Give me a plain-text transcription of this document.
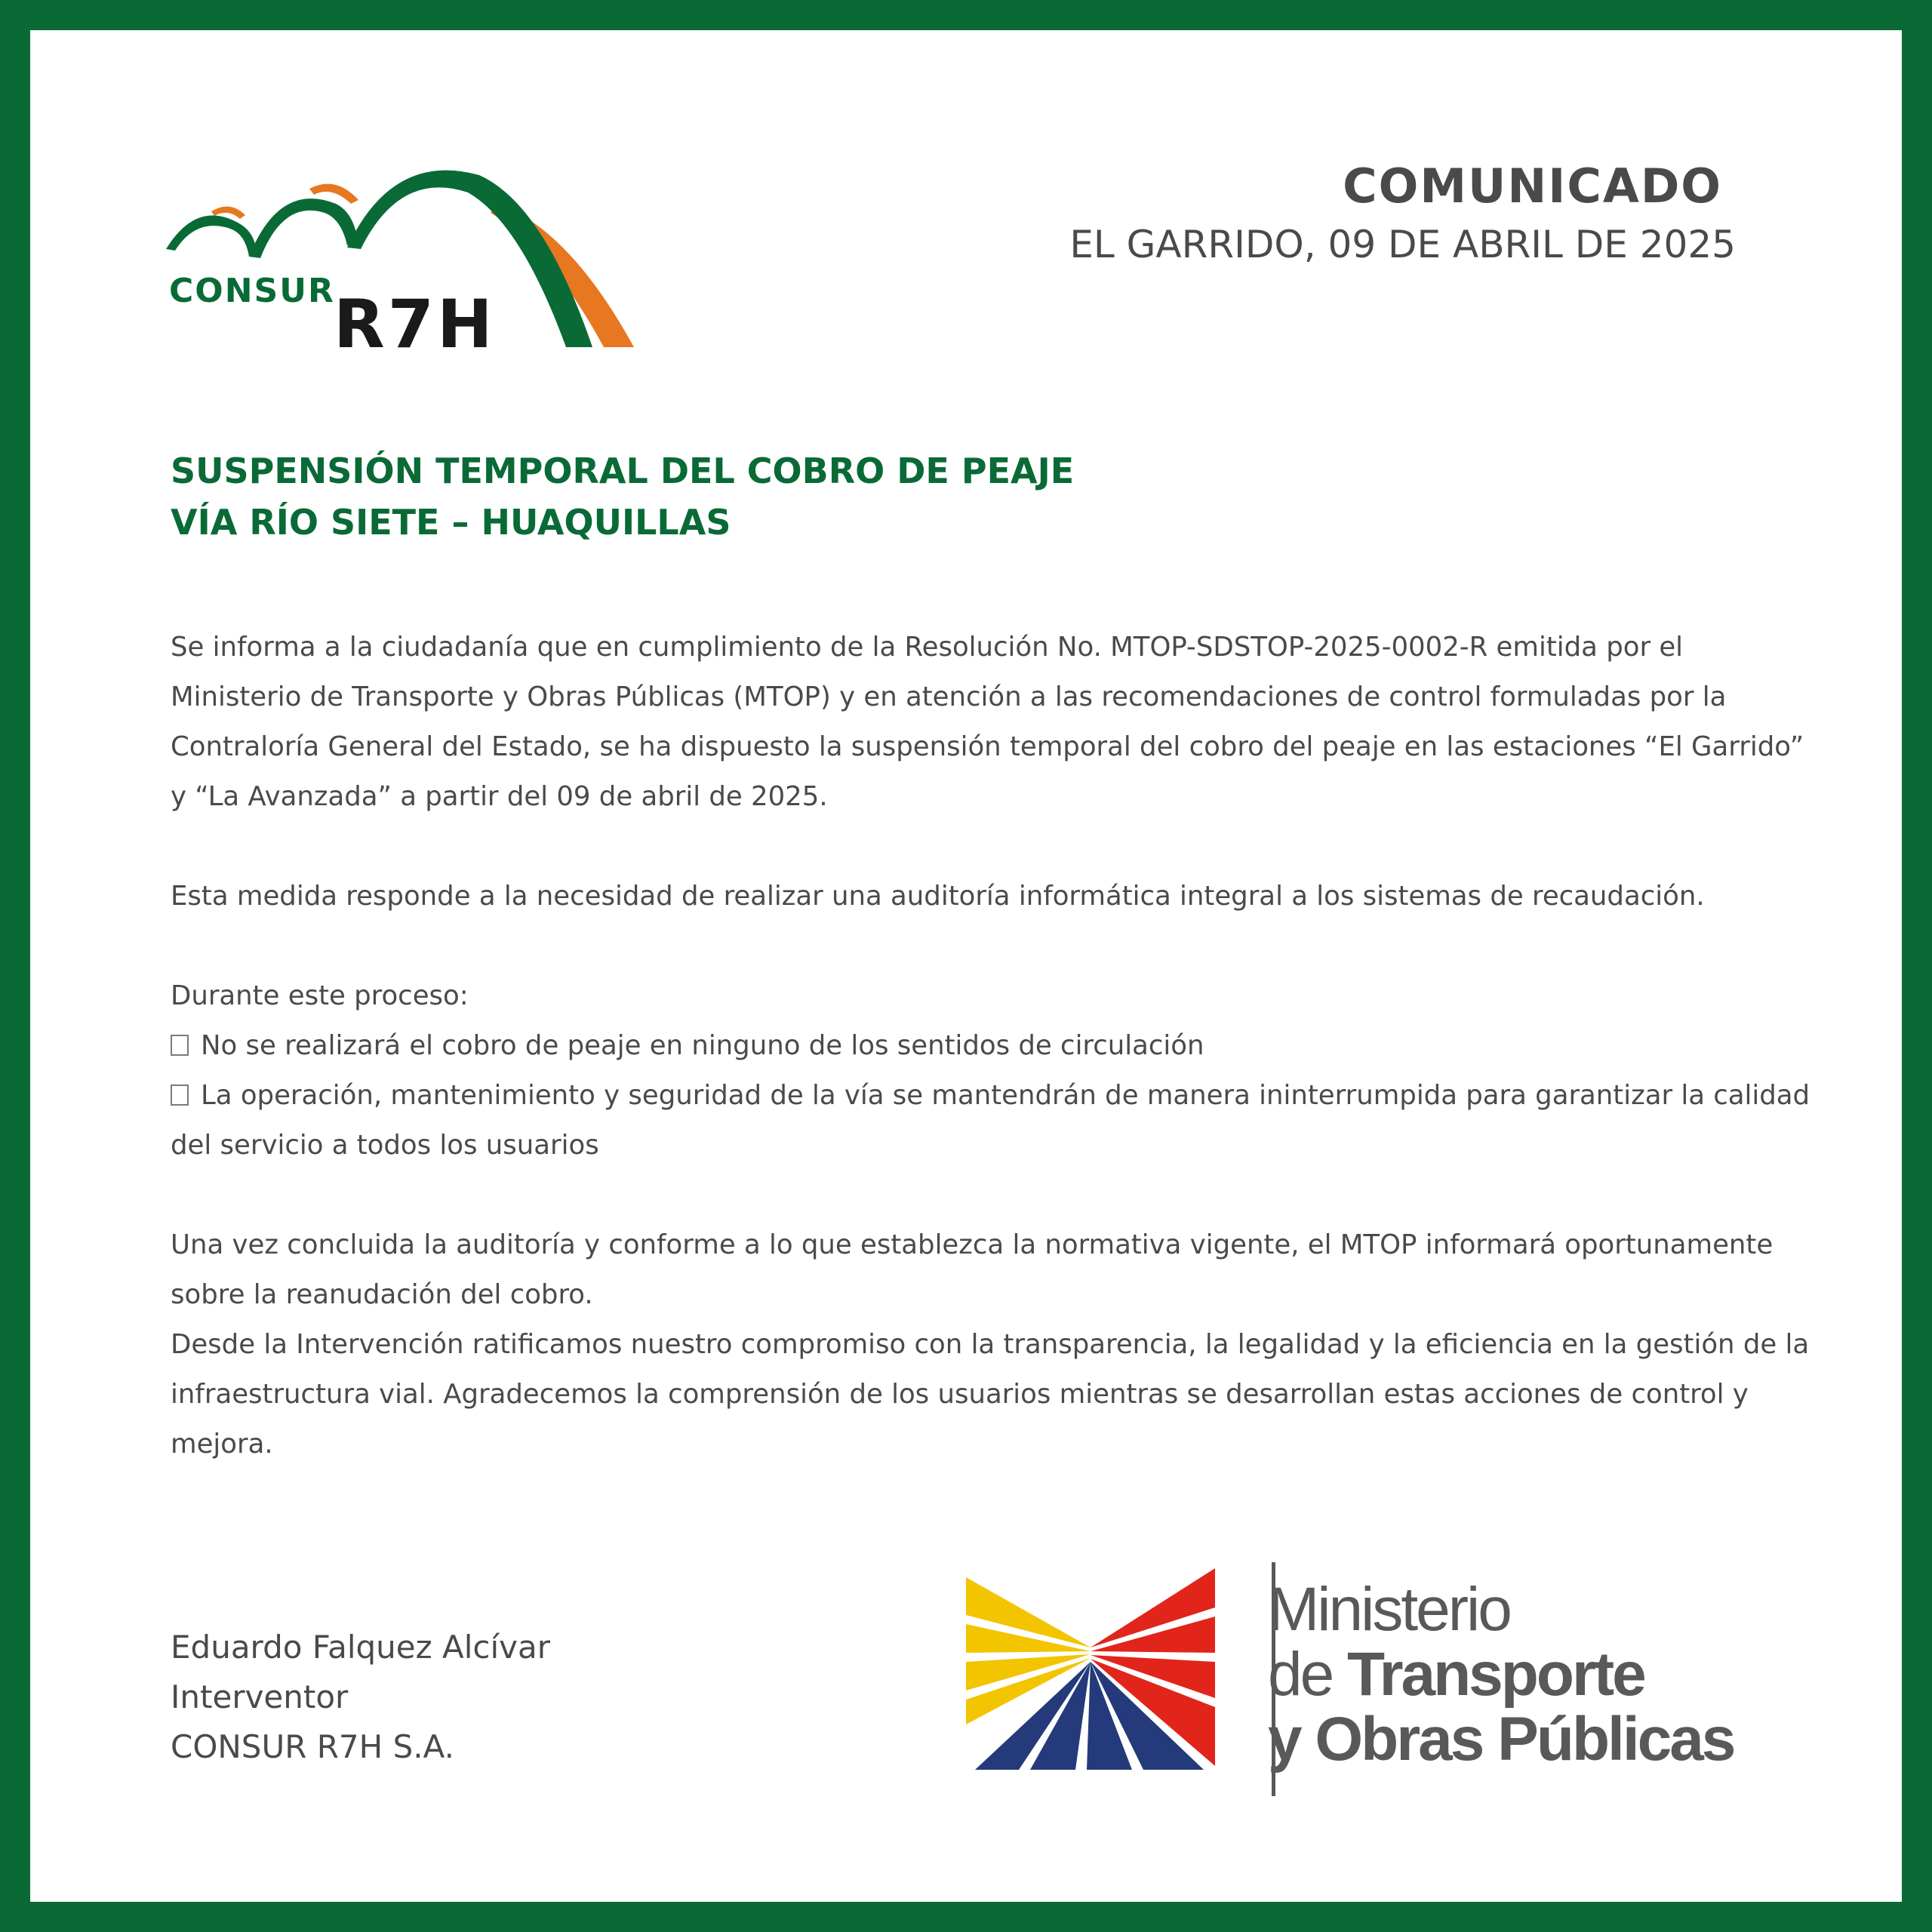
CONSUR
R7H
COMUNICADO
EL GARRIDO, 09 DE ABRIL DE 2025
SUSPENSIÓN TEMPORAL DEL COBRO DE PEAJE
VÍA RÍO SIETE – HUAQUILLAS

Se informa a la ciudadanía que en cumplimiento de la Resolución No. MTOP-SDSTOP-2025-0002-R emitida por el Ministerio de Transporte y Obras Públicas (MTOP) y en atención a las recomendaciones de control formuladas por la Contraloría General del Estado, se ha dispuesto la suspensión temporal del cobro del peaje en las estaciones “El Garrido” y “La Avanzada” a partir del 09 de abril de 2025.

Esta medida responde a la necesidad de realizar una auditoría informática integral a los sistemas de recaudación.

Durante este proceso:

No se realizará el cobro de peaje en ninguno de los sentidos de circulación

La operación, mantenimiento y seguridad de la vía se mantendrán de manera ininterrumpida para garantizar la calidad del servicio a todos los usuarios

Una vez concluida la auditoría y conforme a lo que establezca la normativa vigente, el MTOP informará oportunamente sobre la reanudación del cobro.

Desde la Intervención ratificamos nuestro compromiso con la transparencia, la legalidad y la eficiencia en la gestión de la infraestructura vial. Agradecemos la comprensión de los usuarios mientras se desarrollan estas acciones de control y mejora.

Eduardo Falquez Alcívar
Interventor
CONSUR R7H S.A.
Ministerio
de Transporte
y Obras Públicas
